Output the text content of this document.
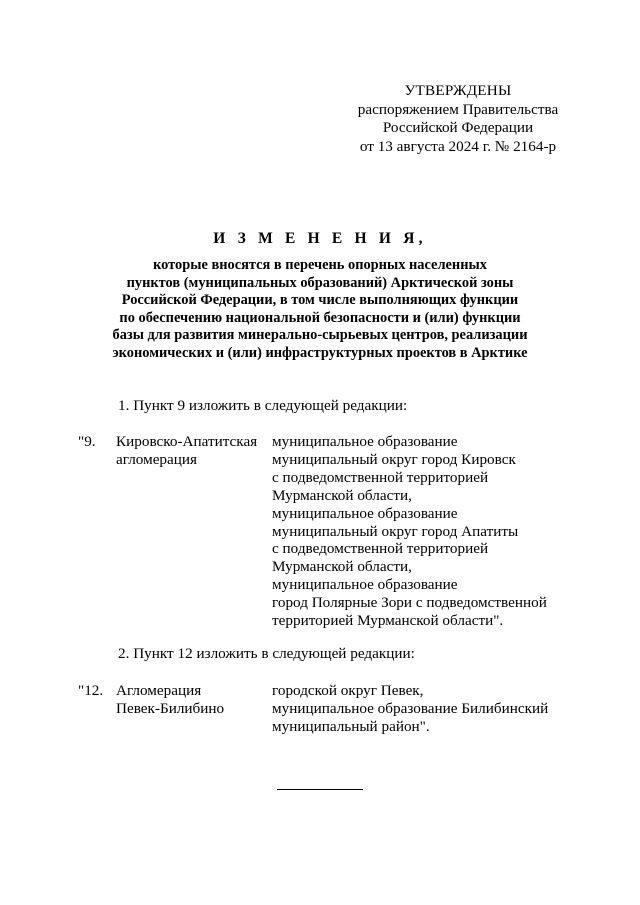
УТВЕРЖДЕНЫ
распоряжением Правительства
Российской Федерации
от 13 августа 2024 г. № 2164-р
И З М Е Н Е Н И Я,
которые вносятся в перечень опорных населенных
пунктов (муниципальных образований) Арктической зоны
Российской Федерации, в том числе выполняющих функции
по обеспечению национальной безопасности и (или) функции
базы для развития минерально-сырьевых центров, реализации
экономических и (или) инфраструктурных проектов в Арктике
1. Пункт 9 изложить в следующей редакции:
"9. Кировско-Апатитская
агломерация
муниципальное образование
муниципальный округ город Кировск
с подведомственной территорией
Мурманской области,
муниципальное образование
муниципальный округ город Апатиты
с подведомственной территорией
Мурманской области,
муниципальное образование
город Полярные Зори с подведомственной
территорией Мурманской области".
2. Пункт 12 изложить в следующей редакции:
"12. Агломерация
Певек-Билибино
городской округ Певек,
муниципальное образование Билибинский
муниципальный район".
